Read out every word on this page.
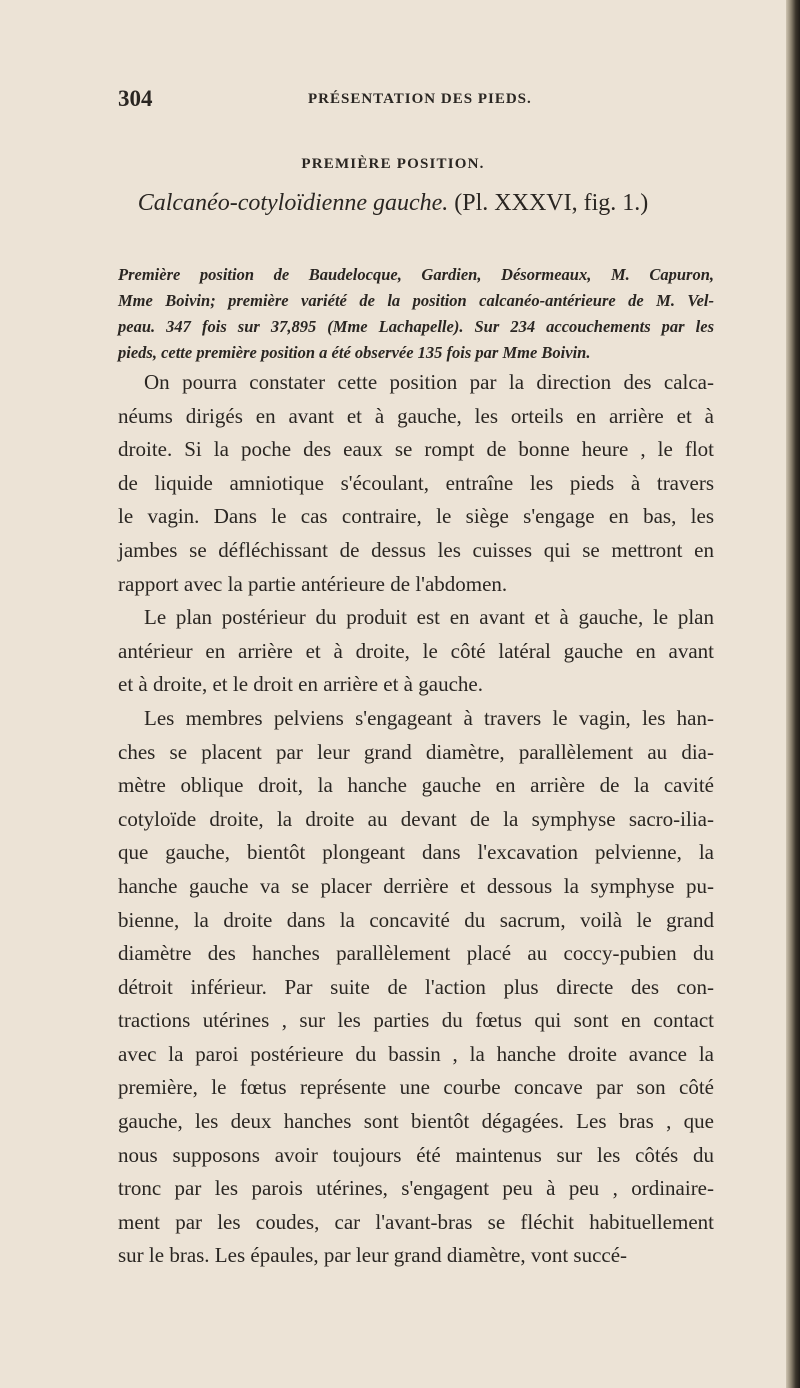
304	PRÉSENTATION DES PIEDS.
PREMIÈRE POSITION.
Calcanéo-cotyloïdienne gauche. (Pl. XXXVI, fig. 1.)
Première position de Baudelocque, Gardien, Désormeaux, M. Capuron,
Mme Boivin; première variété de la position calcanéo-antérieure de M. Vel-
peau. 347 fois sur 37,895 (Mme Lachapelle). Sur 234 accouchements par les
pieds, cette première position a été observée 135 fois par Mme Boivin.
On pourra constater cette position par la direction des calca-
néums dirigés en avant et à gauche, les orteils en arrière et à
droite. Si la poche des eaux se rompt de bonne heure , le flot
de liquide amniotique s'écoulant, entraîne les pieds à travers
le vagin. Dans le cas contraire, le siège s'engage en bas, les
jambes se défléchissant de dessus les cuisses qui se mettront en
rapport avec la partie antérieure de l'abdomen.
Le plan postérieur du produit est en avant et à gauche, le plan
antérieur en arrière et à droite, le côté latéral gauche en avant
et à droite, et le droit en arrière et à gauche.
Les membres pelviens s'engageant à travers le vagin, les han-
ches se placent par leur grand diamètre, parallèlement au dia-
mètre oblique droit, la hanche gauche en arrière de la cavité
cotyloïde droite, la droite au devant de la symphyse sacro-ilia-
que gauche, bientôt plongeant dans l'excavation pelvienne, la
hanche gauche va se placer derrière et dessous la symphyse pu-
bienne, la droite dans la concavité du sacrum, voilà le grand
diamètre des hanches parallèlement placé au coccy-pubien du
détroit inférieur. Par suite de l'action plus directe des con-
tractions utérines , sur les parties du fœtus qui sont en contact
avec la paroi postérieure du bassin , la hanche droite avance la
première, le fœtus représente une courbe concave par son côté
gauche, les deux hanches sont bientôt dégagées. Les bras , que
nous supposons avoir toujours été maintenus sur les côtés du
tronc par les parois utérines, s'engagent peu à peu , ordinaire-
ment par les coudes, car l'avant-bras se fléchit habituellement
sur le bras. Les épaules, par leur grand diamètre, vont succé-
